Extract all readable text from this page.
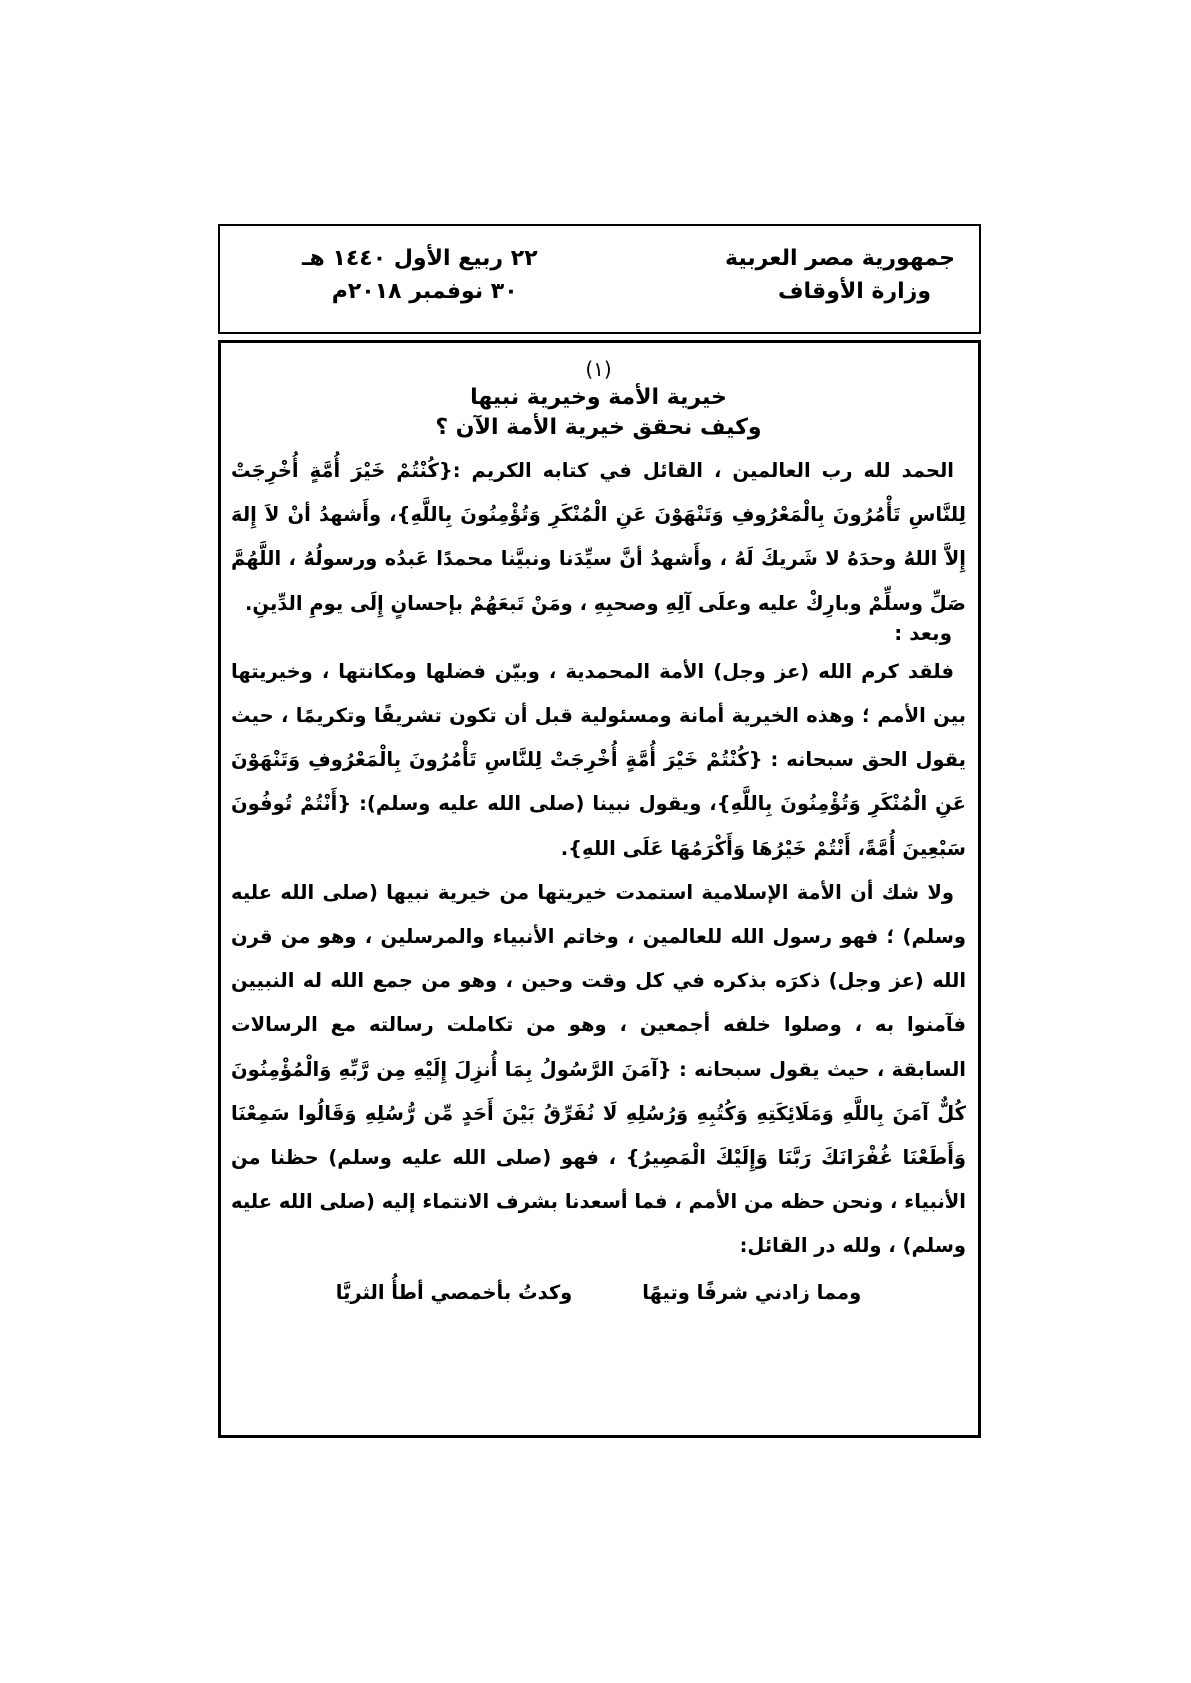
جمهورية مصر العربية
وزارة الأوقاف
٢٢ ربيع الأول ١٤٤٠ هـ
٣٠ نوفمبر ٢٠١٨م
(١)
خيرية الأمة وخيرية نبيها
وكيف نحقق خيرية الأمة الآن ؟

الحمد لله رب العالمين ، القائل في كتابه الكريم :{كُنْتُمْ خَيْرَ أُمَّةٍ أُخْرِجَتْ لِلنَّاسِ تَأْمُرُونَ بِالْمَعْرُوفِ وَتَنْهَوْنَ عَنِ الْمُنْكَرِ وَتُؤْمِنُونَ بِاللَّهِ}، وأَشهدُ أنْ لاَ إِلهَ إِلاَّ اللهُ وحدَهُ لا شَريكَ لَهُ ، وأَشهدُ أنَّ سيِّدَنا ونبيَّنا محمدًا عَبدُه ورسولُهُ ، اللَّهُمَّ صَلِّ وسلِّمْ وبارِكْ عليه وعلَى آلِهِ وصحبِهِ ، ومَنْ تَبعَهُمْ بإحسانٍ إِلَى يومِ الدِّينِ.

وبعد :

فلقد كرم الله (عز وجل) الأمة المحمدية ، وبيّن فضلها ومكانتها ، وخيريتها بين الأمم ؛ وهذه الخيرية أمانة ومسئولية قبل أن تكون تشريفًا وتكريمًا ، حيث يقول الحق سبحانه : {كُنْتُمْ خَيْرَ أُمَّةٍ أُخْرِجَتْ لِلنَّاسِ تَأْمُرُونَ بِالْمَعْرُوفِ وَتَنْهَوْنَ عَنِ الْمُنْكَرِ وَتُؤْمِنُونَ بِاللَّهِ}، ويقول نبينا (صلى الله عليه وسلم): {أَنْتُمْ تُوفُونَ سَبْعِينَ أُمَّةً، أَنْتُمْ خَيْرُهَا وَأَكْرَمُهَا عَلَى اللهِ}.

ولا شك أن الأمة الإسلامية استمدت خيريتها من خيرية نبيها (صلى الله عليه وسلم) ؛ فهو رسول الله للعالمين ، وخاتم الأنبياء والمرسلين ، وهو من قرن الله (عز وجل) ذكرَه بذكره في كل وقت وحين ، وهو من جمع الله له النبيين فآمنوا به ، وصلوا خلفه أجمعين ، وهو من تكاملت رسالته مع الرسالات السابقة ، حيث يقول سبحانه : {آمَنَ الرَّسُولُ بِمَا أُنزِلَ إِلَيْهِ مِن رَّبِّهِ وَالْمُؤْمِنُونَ كُلٌّ آمَنَ بِاللَّهِ وَمَلَائِكَتِهِ وَكُتُبِهِ وَرُسُلِهِ لَا نُفَرِّقُ بَيْنَ أَحَدٍ مِّن رُّسُلِهِ وَقَالُوا سَمِعْنَا وَأَطَعْنَا غُفْرَانَكَ رَبَّنَا وَإِلَيْكَ الْمَصِيرُ} ، فهو (صلى الله عليه وسلم) حظنا من الأنبياء ، ونحن حظه من الأمم ، فما أسعدنا بشرف الانتماء إليه (صلى الله عليه وسلم) ، ولله در القائل:

ومما زادني شرفًا وتيهًا
وكدتُ بأخمصي أطأُ الثريَّا
